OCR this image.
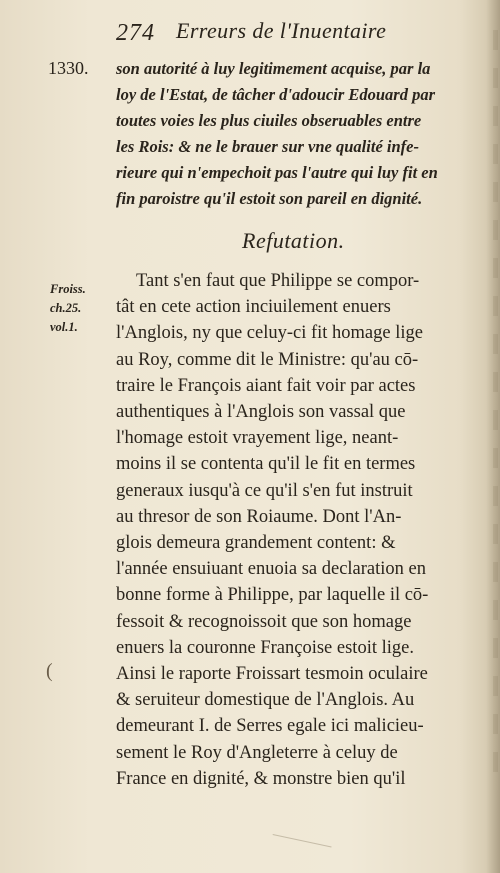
274 Erreurs de l'Inuentaire
1330. son autorité à luy legitimement acquise, par la
loy de l'Estat, de tâcher d'adoucir Edouard par
toutes voies les plus ciuiles obseruables entre
les Rois: & ne le brauer sur vne qualité infe-
rieure qui n'empechoit pas l'autre qui luy fit en
fin paroistre qu'il estoit son pareil en dignité.
Refutation.
Froiss.
ch.25.
vol.1.
Tant s'en faut que Philippe se compor-
tât en cete action inciuilement enuers
l'Anglois, ny que celuy-ci fit homage lige
au Roy, comme dit le Ministre: qu'au cō-
traire le François aiant fait voir par actes
authentiques à l'Anglois son vassal que
l'homage estoit vrayement lige, neant-
moins il se contenta qu'il le fit en termes
generaux iusqu'à ce qu'il s'en fut instruit
au thresor de son Roiaume. Dont l'An-
glois demeura grandement content: &
l'année ensuiuant enuoia sa declaration en
bonne forme à Philippe, par laquelle il cō-
fessoit & recognoissoit que son homage
enuers la couronne Françoise estoit lige.
Ainsi le raporte Froissart tesmoin oculaire
& seruiteur domestique de l'Anglois. Au
demeurant I. de Serres egale ici malicieu-
sement le Roy d'Angleterre à celuy de
France en dignité, & monstre bien qu'il
(
